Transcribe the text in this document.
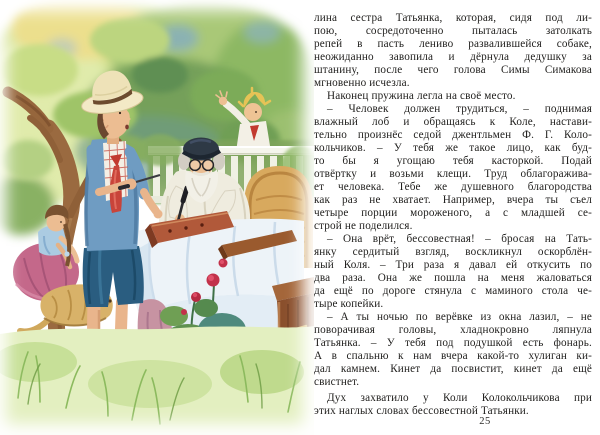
лина сестра Татьянка, которая, сидя под ли-
пою, сосредоточенно пыталась затолкать
репей в пасть лениво развалившейся собаке,
неожиданно завопила и дёрнула дедушку за
штанину, после чего голова Симы Симакова
мгновенно исчезла.
Наконец пружина легла на своё место.
– Человек должен трудиться, – поднимая
влажный лоб и обращаясь к Коле, настави-
тельно произнёс седой джентльмен Ф. Г. Коло-
кольчиков. – У тебя же такое лицо, как буд-
то бы я угощаю тебя касторкой. Подай
отвёртку и возьми клещи. Труд облагоражива-
ет человека. Тебе же душевного благородства
как раз не хватает. Например, вчера ты съел
четыре порции мороженого, а с младшей се-
строй не поделился.
– Она врёт, бессовестная! – бросая на Тать-
янку сердитый взгляд, воскликнул оскорблён-
ный Коля. – Три раза я давал ей откусить по
два раза. Она же пошла на меня жаловаться
да ещё по дороге стянула с маминого стола че-
тыре копейки.
– А ты ночью по верёвке из окна лазил, – не
поворачивая головы, хладнокровно ляпнула
Татьянка. – У тебя под подушкой есть фонарь.
А в спальню к нам вчера какой-то хулиган ки-
дал камнем. Кинет да посвистит, кинет да ещё
свистнет.
Дух захватило у Коли Колокольчикова при
этих наглых словах бессовестной Татьянки.
25
